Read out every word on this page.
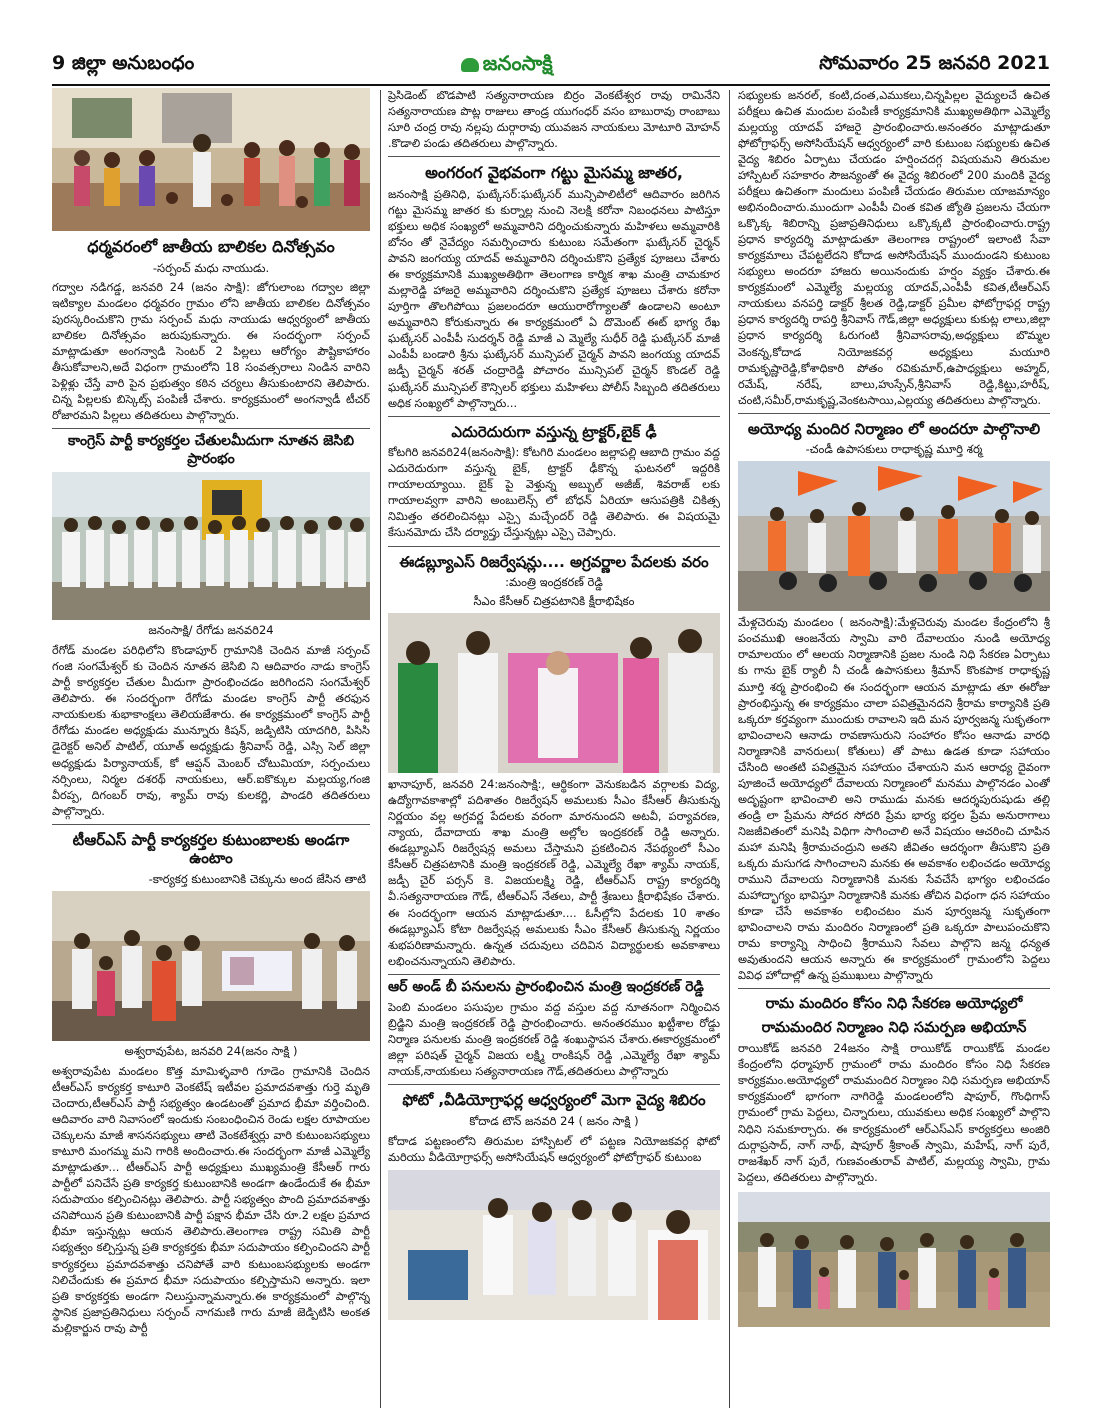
9 జిల్లా అనుబంధం	జనంసాక్షి	సోమవారం 25 జనవరి 2021
ధర్మవరంలో జాతీయ బాలికల దినోత్సవం
-సర్పంచ్ మధు నాయుడు.

గద్వాల నడిగడ్డ, జనవరి 24 (జనం సాక్షి): జోగులాంబ గద్వాల జిల్లా ఇటిక్యాల మండలం ధర్మవరం గ్రామం లోని జాతీయ బాలికల దినోత్సవం పురస్కరించుకొని గ్రామ సర్పంచ్ మధు నాయుడు ఆధ్వర్యంలో జాతీయ బాలికల దినోత్సవం జరుపుకున్నారు. ఈ సందర్భంగా సర్పంచ్ మాట్లాడుతూ అంగన్వాడి సెంటర్ 2 పిల్లలు ఆరోగ్యం పౌష్టికాహారం తీసుకోవాలని,అదే విధంగా గ్రామంలోని 18 సంవత్సరాలు నిండిన వారిని పెళ్లిళ్లు చేస్తే వారి పైన ప్రభుత్వం కఠిన చర్యలు తీసుకుంటారని తెలిపారు. చిన్న పిల్లలకు బిస్కెట్స్ పంపిణీ చేశారు. కార్యక్రమంలో అంగన్వాడీ టీచర్ రోజారమని పిల్లలు తదితరులు పాల్గొన్నారు.

కాంగ్రెస్ పార్టీ కార్యకర్తల చేతులమీదుగా నూతన జెసిబి ప్రారంభం
జనంసాక్షి/ రేగోడు జనవరి24

రేగోడ్ మండల పరిధిలోని కొండాపూర్ గ్రామానికి చెందిన మాజీ సర్పంచ్ గంజి సంగమేశ్వర్ కు చెందిన నూతన జెసిబి ని ఆదివారం నాడు కాంగ్రెస్ పార్టీ కార్యకర్తల చేతుల మీదుగా ప్రారంభించడం జరిగిందని సంగమేశ్వర్ తెలిపారు. ఈ సందర్భంగా రేగోడు మండల కాంగ్రెస్ పార్టీ తరఫున నాయకులకు శుభాకాంక్షలు తెలియజేశారు. ఈ కార్యక్రమంలో కాంగ్రెస్ పార్టీ రేగోడు మండల అధ్యక్షుడు మున్నూరు కిషన్, జడ్పిటిసి యాదగిరి, పిసిసి డైరెక్టర్ అనిల్ పాటిల్, యూత్ అధ్యక్షుడు శ్రీనివాస్ రెడ్డి, ఎస్సి సెల్ జిల్లా అధ్యక్షుడు పిర్యానాయక్, కో ఆప్షన్ మెంబర్ చోటుమియా, సర్పంచులు నర్సింలు, నిర్మల దశరథ్ నాయకులు, ఆర్.ఐకొక్కుల మల్లయ్య,గంజి వీరప్ప, దిగంబర్ రావు, శ్యామ్ రావు కులకర్ణి, పాండరి తదితరులు పాల్గొన్నారు.

టీఆర్ఎస్ పార్టీ కార్యకర్తల కుటుంబాలకు అండగా ఉంటాం
-కార్యకర్త కుటుంబానికి చెక్కును అంద జేసిన తాటి
అశ్వరావుపేట, జనవరి 24(జనం సాక్షి )

అశ్వరావుపేట మండలం కొత్త మామిళ్ళవారి గూడెం గ్రామానికి చెందిన టీఆర్ఎస్ కార్యకర్త కాటూరి వెంకటేష్ ఇటీవల ప్రమాదవశాత్తు గుర్తె మృతి చెందారు,టీఆర్ఎస్ పార్టీ సభ్యత్వం ఉండటంతో ప్రమాద భీమా వర్తించింది. ఆదివారం వారి నివాసంలో ఇందుకు సంబంధించిన రెండు లక్షల రూపాయల చెక్కులను మాజీ శాసనసభ్యులు తాటి వెంకటేశ్వర్లు వారి కుటుంబసభ్యులు కాటూరి మంగమ్మ మని గారికి అందించారు.ఈ సందర్భంగా మాజీ ఎమ్మెల్యే మాట్లాడుతూ... టీఆర్ఎస్ పార్టీ అధ్యక్షులు ముఖ్యమంత్రి కేసీఆర్ గారు పార్టీలో పనిచేసే ప్రతి కార్యకర్త కుటుంబానికి అండగా ఉండేందుకే ఈ భీమా సదుపాయం కల్పించినట్లు తెలిపారు. పార్టీ సభ్యత్వం పొంది ప్రమాదవశాత్తు చనిపోయిన ప్రతి కుటుంబానికి పార్టీ పక్షాన భీమా చేసి రూ.2 లక్షల ప్రమాద భీమా ఇస్తున్నట్లు ఆయన తెలిపారు.తెలంగాణ రాష్ట్ర సమితి పార్టీ సభ్యత్వం కల్పిస్తున్న ప్రతి కార్యకర్తకు భీమా సదుపాయం కల్పించిందని పార్టీ కార్యకర్తలు ప్రమాదవశాత్తు చనిపోతే వారి కుటుంబసభ్యులకు అండగా నిలిచేందుకు ఈ ప్రమాద భీమా సదుపాయం కల్పిస్తామని అన్నారు. ఇలా ప్రతి కార్యకర్తకు అండగా నిలుస్తున్నామన్నారు.ఈ కార్యక్రమంలో పాల్గొన్న స్థానిక ప్రజాప్రతినిధులు సర్పంచ్ నాగమణి గారు మాజీ జెడ్పిటిసి అంకత మల్లికార్జున రావు పార్టీ

ప్రెసిడెంట్ బొడపాటి సత్యనారాయణ బిర్రం వెంకటేశ్వర రావు రామినేని సత్యనారాయణ పొట్ల రాజులు తాండ్ర యుగంధర్ వసం బాబురావు రాంబాబు సూరి చంద్ర రావు నల్లపు దుర్గారావు యువజన నాయకులు మోటూరి మోహన్ .కొడాలి పండు తదితరులు పాల్గొన్నారు.

అంగరంగ వైభవంగా గట్టు మైసమ్మ జాతర,

జనంసాక్షి ప్రతినిధి, ఘట్కేసర్:ఘట్కేసర్ మున్సిపాలిటీలో ఆదివారం జరిగిన గట్టు మైసమ్మ జాతర కు కుర్నాల్ల నుంచి నెలక్షి కరోనా నిబంధనలు పాటిస్తూ భక్తులు అధిక సంఖ్యలో అమ్మవారిని దర్శించుకున్నారు మహిళలు అమ్మవారికి బోనం తో నైవేద్యం సమర్పించారు కుటుంబ సమేతంగా ఘట్కేసర్ చైర్మన్ పావని జంగయ్య యాదవ్ అమ్మవారిని దర్శించుకొని ప్రత్యేక పూజలు చేశారు ఈ కార్యక్రమానికి ముఖ్యఅతిథిగా తెలంగాణ కార్మిక శాఖ మంత్రి చామకూర మల్లారెడ్డి హాజరై అమ్మవారిని దర్శించుకొని ప్రత్యేక పూజలు చేశారు కరోనా పూర్తిగా తొలగిపోయి ప్రజలందరూ ఆయురారోగ్యాలతో ఉండాలని అంటూ అమ్మవారిని కోరుకున్నారు ఈ కార్యక్రమంలో ఏ దొమెంట్ ఈట్ భాగ్య రేఖ ఘట్కేసర్ ఎంపీపీ సుదర్శన్ రెడ్డి మాజీ ఎ మ్మెల్యే సుధీర్ రెడ్డి ఘట్కేసర్ మాజీ ఎంపీపీ బండారి శ్రీను ఘట్కేసర్ మున్సిపల్ చైర్మన్ పావని జంగయ్య యాదవ్ జడ్పీ చైర్మన్ శరత్ చంద్రారెడ్డి పోచారం మున్సిపల్ చైర్మన్ కొండల్ రెడ్డి ఘట్కేసర్ మున్సిపల్ కౌన్సిలర్ భక్తులు మహిళలు పోలీస్ సిబ్బంది తదితరులు అధిక సంఖ్యలో పాల్గొన్నారు...

ఎదురెదురుగా వస్తున్న ట్రాక్టర్,బైక్ ఢీ

కోటగిరి జనవరి24(జనంసాక్షి): కోటగిరి మండలం జల్లాపల్లి ఆబాది గ్రామం వద్ద ఎదురెదురుగా వస్తున్న బైక్, ట్రాక్టర్ ఢీకొన్న ఘటనలో ఇద్దరికి గాయాలయ్యాయి. బైక్ పై వెళ్తున్న అబ్బుల్ అజీజ్, శివరాజ్ లకు గాయాలవ్వగా వారిని అంబులెన్స్ లో బోధన్ ఏరియా ఆసుపత్రికి చికిత్స నిమిత్తం తరలించినట్లు ఎస్సై మచ్చేందర్ రెడ్డి తెలిపారు. ఈ విషయమై కేసునమోదు చేసి దర్యాప్తు చేస్తున్నట్లు ఎస్సై చెప్పారు.

ఈడబ్ల్యూఎస్ రిజర్వేషన్లు.... అగ్రవర్ణాల పేదలకు వరం
:మంత్రి ఇంద్రకరణ్ రెడ్డి
సీఎం కేసీఆర్ చిత్రపటానికి క్షీరాభిషేకం

ఖానాపూర్, జనవరి 24:జనంసాక్షి:, ఆర్థికంగా వెనుకబడిన వర్గాలకు విద్య, ఉద్యోగావకాశాల్లో పదిశాతం రిజర్వేషన్ అమలుకు సీఎం కేసీఆర్ తీసుకున్న నిర్ణయం వల్ల అగ్రవర్ణ పేదలకు వరంగా మారనుందని అటవీ, పర్యావరణ, న్యాయ, దేవాదాయ శాఖ మంత్రి అల్లోల ఇంద్రకరణ్ రెడ్డి అన్నారు. ఈడబ్ల్యూఎస్ రిజర్వేషన్ల అమలు చేస్తామని ప్రకటించిన నేపథ్యంలో సీఎం కేసీఆర్ చిత్రపటానికి మంత్రి ఇంద్రకరణ్ రెడ్డి, ఎమ్మెల్యే రేఖా శ్యామ్ నాయక్, జడ్పీ చైర్ పర్సన్ కె. విజయలక్ష్మి రెడ్డి, టీఆర్ఎస్ రాష్ట్ర కార్యదర్శి వీ.సత్యనారాయణ గౌడ్, టీఆర్ఎస్ నేతలు, పార్టీ శ్రేణులు క్షీరాభిషేకం చేశారు. ఈ సందర్భంగా ఆయన మాట్లాడుతూ.... ఓసీల్లోని పేదలకు 10 శాతం ఈడబ్ల్యూఎస్ కోటా రిజర్వేషన్ల అమలుకు సీఎం కేసీఆర్ తీసుకున్న నిర్ణయం శుభపరిణామన్నారు. ఉన్నత చదువులు చదివిన విద్యార్థులకు అవకాశాలు లభించనున్నాయని తెలిపారు.

ఆర్ అండ్ బీ పనులను ప్రారంభించిన మంత్రి ఇంద్రకరణ్ రెడ్డి

పెంబి మండలం పసుపుల గ్రామం వద్ద వస్తుల వద్ద నూతనంగా నిర్మించిన బ్రిడ్జిని మంత్రి ఇంద్రకరణ్ రెడ్డి ప్రారంభించారు. అనంతరముం ఖట్టీశాల రోడ్డు నిర్మాణ పనులకు మంత్రి ఇంద్రకరణ్ రెడ్డి శంఖుస్థాపన చేశారు.ఈకార్యక్రమంలో జిల్లా పరిషత్ చైర్మన్ విజయ లక్ష్మి రాంకిషన్ రెడ్డి ,ఎమ్మెల్యే రేఖా శ్యామ్ నాయక్,నాయకులు సత్యనారాయణ గౌడ్,తదితరులు పాల్గొన్నారు

ఫోటో ,వీడియోగ్రాఫర్ల ఆధ్వర్యంలో మెగా వైద్య శిబిరం
కోదాడ టౌన్ జనవరి 24 ( జనం సాక్షి )

కోదాడ పట్టణంలోని తిరుమల హాస్పిటల్ లో పట్టణ నియోజకవర్గ ఫోటో మరియు వీడియోగ్రాఫర్స్ అసోసియేషన్ ఆధ్వర్యంలో ఫోటోగ్రాఫర్ కుటుంబ

సభ్యులకు జనరల్, కంటి,దంత,ఎముకలు,చిన్నపిల్లల వైద్యులచే ఉచిత పరీక్షలు ఉచిత మందుల పంపిణీ కార్యక్రమానికి ముఖ్యఅతిథిగా ఎమ్మెల్యే మల్లయ్య యాదవ్ హాజరై ప్రారంభించారు.అనంతరం మాట్లాడుతూ ఫోటోగ్రాఫర్స్ అసోసియేషన్ ఆధ్వర్యంలో వారి కుటుంబ సభ్యులకు ఉచిత వైద్య శిబిరం ఏర్పాటు చేయడం హర్షించదగ్గ విషయమని తిరుమల హాస్పిటల్ సహకారం సౌజన్యంతో ఈ వైద్య శిబిరంలో 200 మందికి వైద్య పరీక్షలు ఉచితంగా మందులు పంపిణీ చేయడం తిరుమల యాజమాన్యం అభినందించారు.ముందుగా ఎంపీపీ చింత కవిత జ్యోతి ప్రజలను చేయగా ఒక్కొక్క శిబిరాన్ని ప్రజాప్రతినిధులు ఒక్కొక్కటి ప్రారంభించారు.రాష్ట్ర ప్రధాన కార్యదర్శి మాట్లాడుతూ తెలంగాణ రాష్ట్రంలో ఇలాంటి సేవా కార్యక్రమాలు చేపట్టలేదని కోదాడ అసోసియేషన్ ముందుండని కుటుంబ సభ్యులు అందరూ హాజరు అయినందుకు హర్షం వ్యక్తం చేశారు.ఈ కార్యక్రమంలో ఎమ్మెల్యే మల్లయ్య యాదవ్,ఎంపీపీ కవిత,టీఆర్ఎస్ నాయకులు వనపర్తి డాక్టర్ శ్రీలత రెడ్డి,డాక్టర్ ప్రమీల ఫోటోగ్రాఫర్ల రాష్ట్ర ప్రధాన కార్యదర్శి రాపర్తి శ్రీనివాస్ గౌడ్,జిల్లా అధ్యక్షులు కుకుట్ల లాలు,జిల్లా ప్రధాన కార్యదర్శి ఓరుగంటి శ్రీనివాసరావు,అధ్యక్షులు బొమ్మల వెంకన్న,కోదాడ నియోజకవర్గ అధ్యక్షులు మయూరి రామకృష్ణారెడ్డి,కోశాధికారి పోతం రవికుమార్,ఉపాధ్యక్షులు అహ్మద్, రమేష్, నరేష్, బాలు,హుస్సేన్,శ్రీనివాస్ రెడ్డి,కిట్టు,హరీష్, చంటి,సమీర్,రామకృష్ణ,వెంకటసాయి,ఎల్లయ్య తదితరులు పాల్గొన్నారు.

అయోధ్య మందిర నిర్మాణం లో అందరూ పాల్గొనాలి
-చండీ ఉపాసకులు రాధాకృష్ణ మూర్తి శర్మ

మేళ్లచెరువు మండలం ( జనంసాక్షి):మేళ్లచెరువు మండల కేంద్రంలోని శ్రీ పంచముఖి ఆంజనేయ స్వామి వారి దేవాలయం నుండి అయోధ్య రామాలయం లో ఆలయ నిర్మాణానికి ప్రజల నుండి నిధి సేకరణ ఏర్పాటు కు గాను బైక్ ర్యాలీ నీ చండీ ఉపాసకులు శ్రీమాన్ కొంకపాక రాధాకృష్ణ మూర్తి శర్మ ప్రారంభించి ఈ సందర్భంగా ఆయన మాట్లాడు తూ ఈరోజు ప్రారంభిస్తున్న ఈ కార్యక్రమం చాలా పవిత్రమైనదని శ్రీరామ కార్యానికి ప్రతి ఒక్కరూ కర్తవ్యంగా ముందుకు రావాలని ఇది మన పూర్వజన్మ సుకృతంగా భావించాలని ఆనాడు రావణాసురుని సంహారం కోసం ఆనాడు వారధి నిర్మాణానికి వానరులు( కోతులు) తో పాటు ఉడత కూడా సహాయం చేసింది అంతటి పవిత్రమైన సహాయం చేశాయని మన ఆరాధ్య దైవంగా పూజించే అయోధ్యలో దేవాలయ నిర్మాణంలో మనము పాల్గొనడం ఎంతో అదృష్టంగా భావించాలి అని రాముడు మనకు ఆదర్శపురుషుడు తల్లి తండ్రి లా ప్రేమను సోదర సోదరి ప్రేమ భార్య భర్తల ప్రేమ అనురాగాలు నిజజీవితంలో మనిషి విధిగా సాగించాలి అనే విషయం ఆచరించి చూపిన మహా మనిషి శ్రీరామచంద్రుని అతని జీవితం ఆదర్శంగా తీసుకొని ప్రతి ఒక్కరు మసుగడ సాగించాలని మనకు ఈ అవకాశం లభించడం అయోధ్య రాముని దేవాలయ నిర్మాణానికి మనకు సేవచేసే భాగ్యం లభించడం మహాద్భాగ్యం భావిస్తూ నిర్మాణానికి మనకు తోచిన విధంగా ధన సహాయం కూడా చేసే అవకాశం లభించటం మన పూర్వజన్మ సుకృతంగా భావించాలని రామ మందిరం నిర్మాణంలో ప్రతి ఒక్కరూ పాలుపంచుకొని రామ కార్యాన్ని సాధించి శ్రీరాముని సేవలు పాల్గొని జన్మ ధన్యత అవుతుందని ఆయన అన్నారు ఈ కార్యక్రమంలో గ్రామంలోని పెద్దలు వివిధ హోదాల్లో ఉన్న ప్రముఖులు పాల్గొన్నారు

రామ మందిరం కోసం నిధి సేకరణ అయోధ్యలో
రామమందిర నిర్మాణం నిధి సమర్పణ అభియాన్

రాయికోడ్ జనవరి 24జనం సాక్షి రాయికోడ్ రాయికోడ్ మండల కేంద్రంలోని ధర్మాపూర్ గ్రామంలో రామ మందిరం కోసం నిధి సేకరణ కార్యక్రమం.అయోధ్యలో రామమందిర నిర్మాణం నిధి సమర్పణ అభియాన్ కార్యక్రమంలో భాగంగా నాగిరెడ్డి మండలంలోని షాపూర్, గొంధిగాస్ గ్రామంలో గ్రామ పెద్దలు, చిన్నారులు, యువకులు అధిక సంఖ్యలో పాల్గొని నిధిని సమకూర్చారు. ఈ కార్యక్రమంలో ఆర్ఎస్ఎస్ కార్యకర్తలు అంజిరి దుర్గాప్రసాద్, నాగ్ నాథ్, షాపూర్ శ్రీకాంత్ స్వామి, మహేష్, నాగ్ పురే, రాజశేఖర్ నాగ్ పురే, గుణవంతురావ్ పాటిల్, మల్లయ్య స్వామి, గ్రామ పెద్దలు, తదితరులు పాల్గొన్నారు.
